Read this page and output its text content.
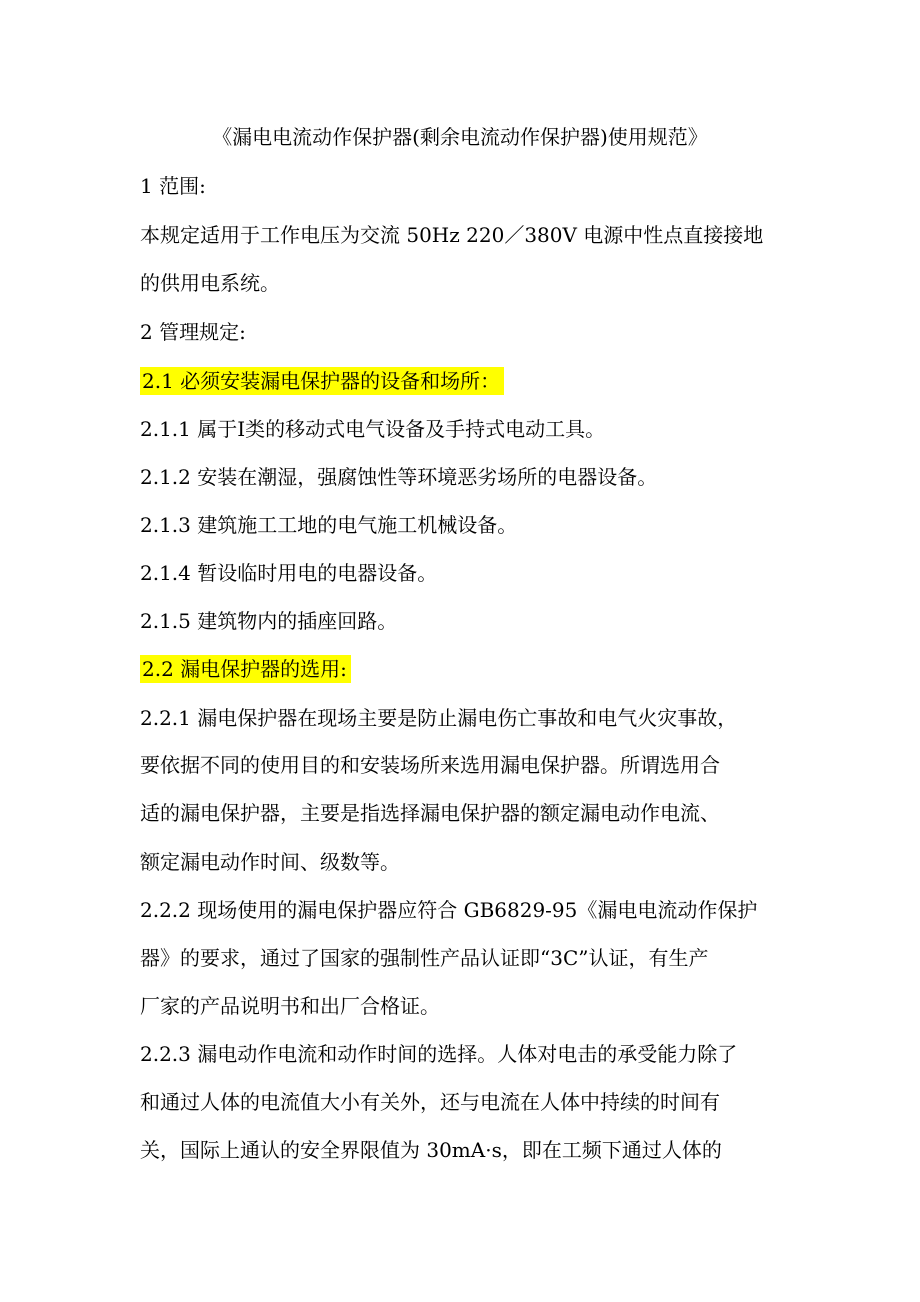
《漏电电流动作保护器(剩余电流动作保护器)使用规范》
1 范围:
本规定适用于工作电压为交流 50Hz 220／380V 电源中性点直接接地
的供用电系统。
2 管理规定:
2.1 必须安装漏电保护器的设备和场所：
2.1.1 属于Ⅰ类的移动式电气设备及手持式电动工具。
2.1.2 安装在潮湿，强腐蚀性等环境恶劣场所的电器设备。
2.1.3 建筑施工工地的电气施工机械设备。
2.1.4 暂设临时用电的电器设备。
2.1.5 建筑物内的插座回路。
2.2 漏电保护器的选用:
2.2.1 漏电保护器在现场主要是防止漏电伤亡事故和电气火灾事故，
要依据不同的使用目的和安装场所来选用漏电保护器。所谓选用合
适的漏电保护器，主要是指选择漏电保护器的额定漏电动作电流、
额定漏电动作时间、级数等。
2.2.2 现场使用的漏电保护器应符合 GB6829-95《漏电电流动作保护
器》的要求，通过了国家的强制性产品认证即“3C”认证，有生产
厂家的产品说明书和出厂合格证。
2.2.3 漏电动作电流和动作时间的选择。人体对电击的承受能力除了
和通过人体的电流值大小有关外，还与电流在人体中持续的时间有
关，国际上通认的安全界限值为 30mA·s，即在工频下通过人体的
